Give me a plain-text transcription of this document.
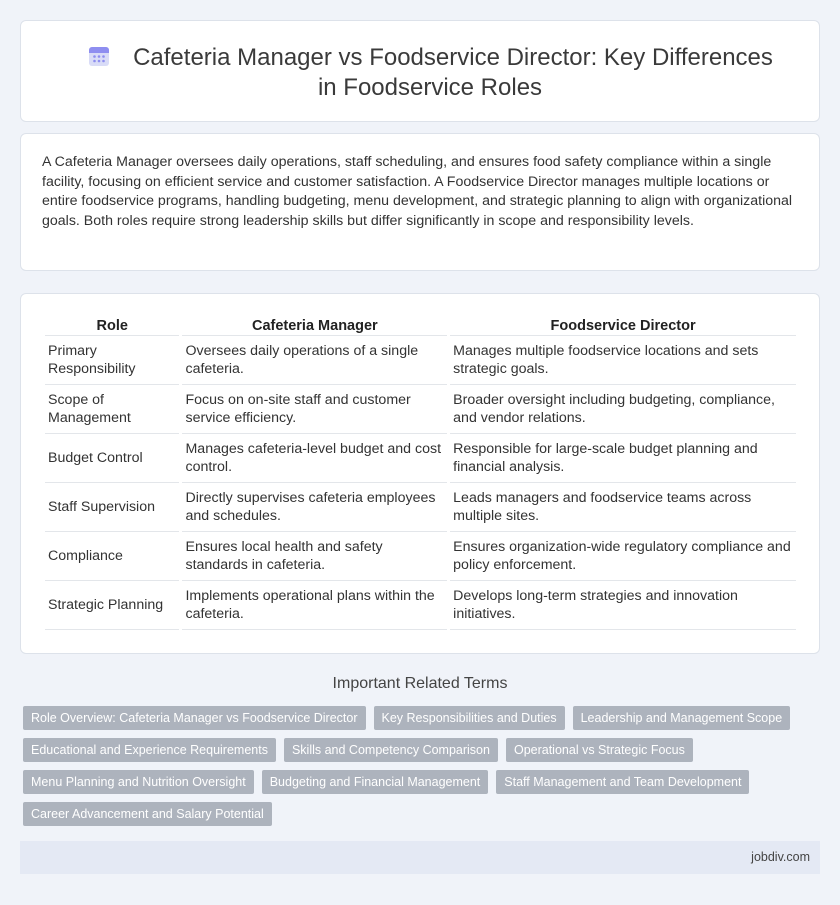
Cafeteria Manager vs Foodservice Director: Key Differences in Foodservice Roles

A Cafeteria Manager oversees daily operations, staff scheduling, and ensures food safety compliance within a single facility, focusing on efficient service and customer satisfaction. A Foodservice Director manages multiple locations or entire foodservice programs, handling budgeting, menu development, and strategic planning to align with organizational goals. Both roles require strong leadership skills but differ significantly in scope and responsibility levels.

Role	Cafeteria Manager	Foodservice Director
Primary Responsibility	Oversees daily operations of a single cafeteria.	Manages multiple foodservice locations and sets strategic goals.
Scope of Management	Focus on on-site staff and customer service efficiency.	Broader oversight including budgeting, compliance, and vendor relations.
Budget Control	Manages cafeteria-level budget and cost control.	Responsible for large-scale budget planning and financial analysis.
Staff Supervision	Directly supervises cafeteria employees and schedules.	Leads managers and foodservice teams across multiple sites.
Compliance	Ensures local health and safety standards in cafeteria.	Ensures organization-wide regulatory compliance and policy enforcement.
Strategic Planning	Implements operational plans within the cafeteria.	Develops long-term strategies and innovation initiatives.
Important Related Terms
Role Overview: Cafeteria Manager vs Foodservice Director	Key Responsibilities and Duties	Leadership and Management Scope
Educational and Experience Requirements	Skills and Competency Comparison	Operational vs Strategic Focus
Menu Planning and Nutrition Oversight	Budgeting and Financial Management	Staff Management and Team Development
Career Advancement and Salary Potential
jobdiv.com
